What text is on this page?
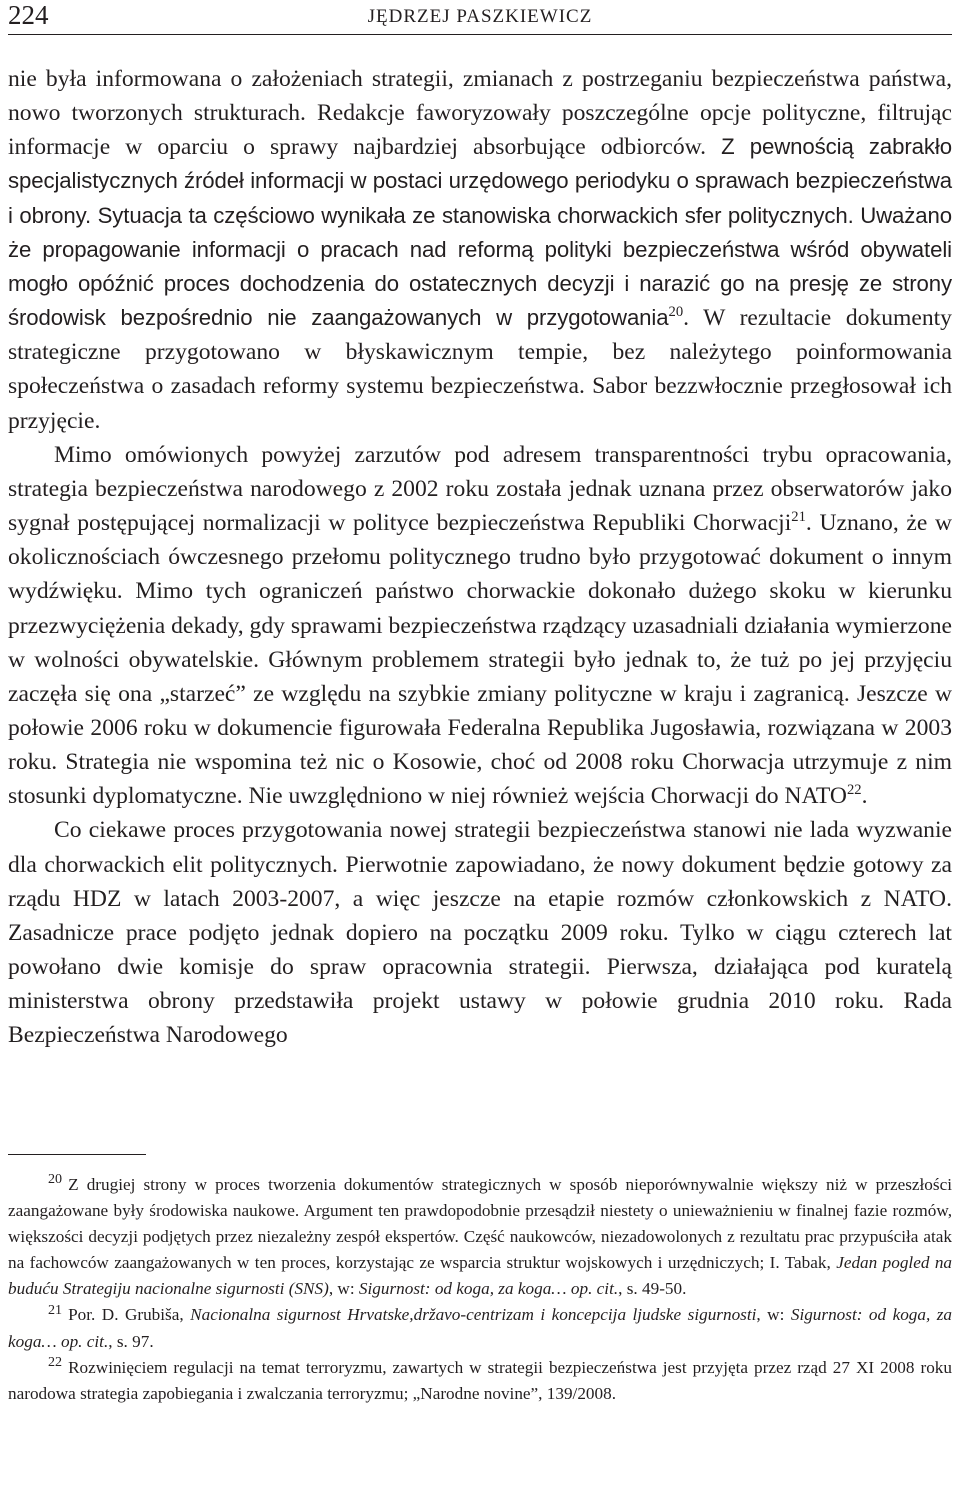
224	JĘDRZEJ PASZKIEWICZ

nie była informowana o założeniach strategii, zmianach z postrzeganiu bezpieczeństwa państwa, nowo tworzonych strukturach. Redakcje faworyzowały poszczególne opcje polityczne, filtrując informacje w oparciu o sprawy najbardziej absorbujące odbiorców. Z pewnością zabrakło specjalistycznych źródeł informacji w postaci urzędowego periodyku o sprawach bezpieczeństwa i obrony. Sytuacja ta częściowo wynikała ze stanowiska chorwackich sfer politycznych. Uważano że propagowanie informacji o pracach nad reformą polityki bezpieczeństwa wśród obywateli mogło opóźnić proces dochodzenia do ostatecznych decyzji i narazić go na presję ze strony środowisk bezpośrednio nie zaangażowanych w przygotowania$^{20}$. W rezultacie dokumenty strategiczne przygotowano w błyskawicznym tempie, bez należytego poinformowania społeczeństwa o zasadach reformy systemu bezpieczeństwa. Sabor bezzwłocznie przegłosował ich przyjęcie.

Mimo omówionych powyżej zarzutów pod adresem transparentności trybu opracowania, strategia bezpieczeństwa narodowego z 2002 roku została jednak uznana przez obserwatorów jako sygnał postępującej normalizacji w polityce bezpieczeństwa Republiki Chorwacji$^{21}$. Uznano, że w okolicznościach ówczesnego przełomu politycznego trudno było przygotować dokument o innym wydźwięku. Mimo tych ograniczeń państwo chorwackie dokonało dużego skoku w kierunku przezwyciężenia dekady, gdy sprawami bezpieczeństwa rządzący uzasadniali działania wymierzone w wolności obywatelskie. Głównym problemem strategii było jednak to, że tuż po jej przyjęciu zaczęła się ona „starzeć” ze względu na szybkie zmiany polityczne w kraju i zagranicą. Jeszcze w połowie 2006 roku w dokumencie figurowała Federalna Republika Jugosławia, rozwiązana w 2003 roku. Strategia nie wspomina też nic o Kosowie, choć od 2008 roku Chorwacja utrzymuje z nim stosunki dyplomatyczne. Nie uwzględniono w niej również wejścia Chorwacji do NATO$^{22}$.

Co ciekawe proces przygotowania nowej strategii bezpieczeństwa stanowi nie lada wyzwanie dla chorwackich elit politycznych. Pierwotnie zapowiadano, że nowy dokument będzie gotowy za rządu HDZ w latach 2003-2007, a więc jeszcze na etapie rozmów członkowskich z NATO. Zasadnicze prace podjęto jednak dopiero na początku 2009 roku. Tylko w ciągu czterech lat powołano dwie komisje do spraw opracownia strategii. Pierwsza, działająca pod kuratelą ministerstwa obrony przedstawiła projekt ustawy w połowie grudnia 2010 roku. Rada Bezpieczeństwa Narodowego

$^{20}$ Z drugiej strony w proces tworzenia dokumentów strategicznych w sposób nieporównywalnie większy niż w przeszłości zaangażowane były środowiska naukowe. Argument ten prawdopodobnie przesądził niestety o unieważnieniu w finalnej fazie rozmów, większości decyzji podjętych przez niezależny zespół ekspertów. Część naukowców, niezadowolonych z rezultatu prac przypuściła atak na fachowców zaangażowanych w ten proces, korzystając ze wsparcia struktur wojskowych i urzędniczych; I. Tabak, Jedan pogled na buduću Strategiju nacionalne sigurnosti (SNS), w: Sigurnost: od koga, za koga… op. cit., s. 49-50.

$^{21}$ Por. D. Grubiša, Nacionalna sigurnost Hrvatske,državo-centrizam i koncepcija ljudske sigurnosti, w: Sigurnost: od koga, za koga… op. cit., s. 97.

$^{22}$ Rozwinięciem regulacji na temat terroryzmu, zawartych w strategii bezpieczeństwa jest przyjęta przez rząd 27 XI 2008 roku narodowa strategia zapobiegania i zwalczania terroryzmu; „Narodne novine”, 139/2008.
